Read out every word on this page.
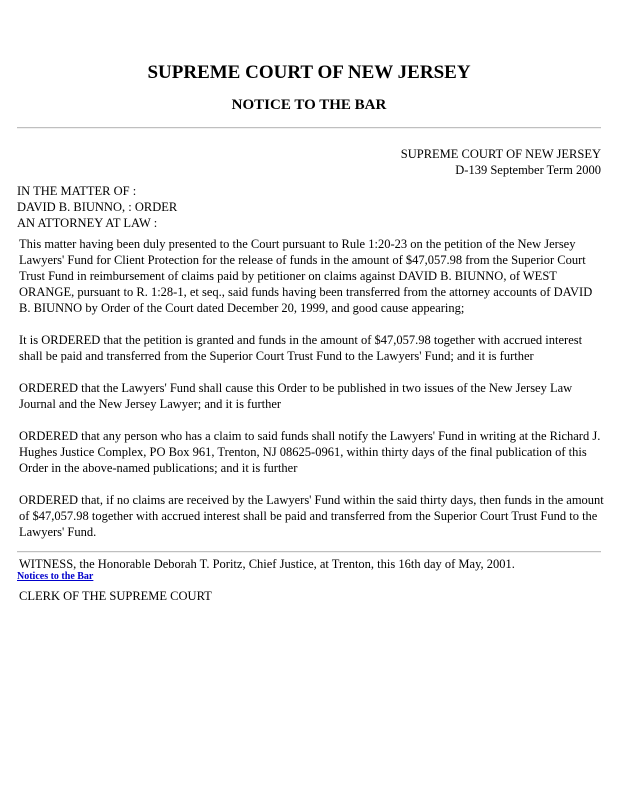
SUPREME COURT OF NEW JERSEY
NOTICE TO THE BAR
SUPREME COURT OF NEW JERSEY
D-139 September Term 2000
IN THE MATTER OF :
DAVID B. BIUNNO, : ORDER
AN ATTORNEY AT LAW :

This matter having been duly presented to the Court pursuant to Rule 1:20-23 on the petition of the New Jersey Lawyers' Fund for Client Protection for the release of funds in the amount of $47,057.98 from the Superior Court Trust Fund in reimbursement of claims paid by petitioner on claims against DAVID B. BIUNNO, of WEST ORANGE, pursuant to R. 1:28-1, et seq., said funds having been transferred from the attorney accounts of DAVID B. BIUNNO by Order of the Court dated December 20, 1999, and good cause appearing;

It is ORDERED that the petition is granted and funds in the amount of $47,057.98 together with accrued interest shall be paid and transferred from the Superior Court Trust Fund to the Lawyers' Fund; and it is further

ORDERED that the Lawyers' Fund shall cause this Order to be published in two issues of the New Jersey Law Journal and the New Jersey Lawyer; and it is further

ORDERED that any person who has a claim to said funds shall notify the Lawyers' Fund in writing at the Richard J. Hughes Justice Complex, PO Box 961, Trenton, NJ 08625-0961, within thirty days of the final publication of this Order in the above-named publications; and it is further

ORDERED that, if no claims are received by the Lawyers' Fund within the said thirty days, then funds in the amount of $47,057.98 together with accrued interest shall be paid and transferred from the Superior Court Trust Fund to the Lawyers' Fund.

WITNESS, the Honorable Deborah T. Poritz, Chief Justice, at Trenton, this 16th day of May, 2001.

CLERK OF THE SUPREME COURT

Notices to the Bar
